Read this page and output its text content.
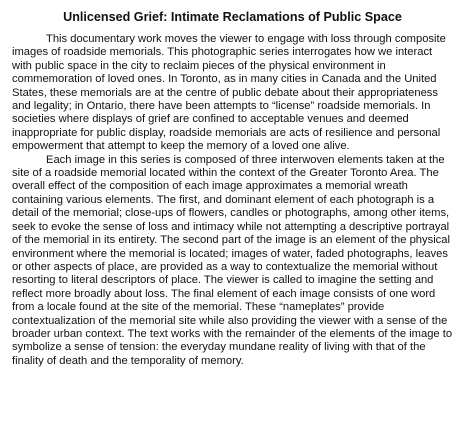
Unlicensed Grief: Intimate Reclamations of Public Space

This documentary work moves the viewer to engage with loss through composite images of roadside memorials. This photographic series interrogates how we interact with public space in the city to reclaim pieces of the physical environment in commemoration of loved ones. In Toronto, as in many cities in Canada and the United States, these memorials are at the centre of public debate about their appropriateness and legality; in Ontario, there have been attempts to “license” roadside memorials. In societies where displays of grief are confined to acceptable venues and deemed inappropriate for public display, roadside memorials are acts of resilience and personal empowerment that attempt to keep the memory of a loved one alive.

Each image in this series is composed of three interwoven elements taken at the site of a roadside memorial located within the context of the Greater Toronto Area. The overall effect of the composition of each image approximates a memorial wreath containing various elements. The first, and dominant element of each photograph is a detail of the memorial; close-ups of flowers, candles or photographs, among other items, seek to evoke the sense of loss and intimacy while not attempting a descriptive portrayal of the memorial in its entirety. The second part of the image is an element of the physical environment where the memorial is located; images of water, faded photographs, leaves or other aspects of place, are provided as a way to contextualize the memorial without resorting to literal descriptors of place. The viewer is called to imagine the setting and reflect more broadly about loss. The final element of each image consists of one word from a locale found at the site of the memorial. These “nameplates” provide contextualization of the memorial site while also providing the viewer with a sense of the broader urban context. The text works with the remainder of the elements of the image to symbolize a sense of tension: the everyday mundane reality of living with that of the finality of death and the temporality of memory.
